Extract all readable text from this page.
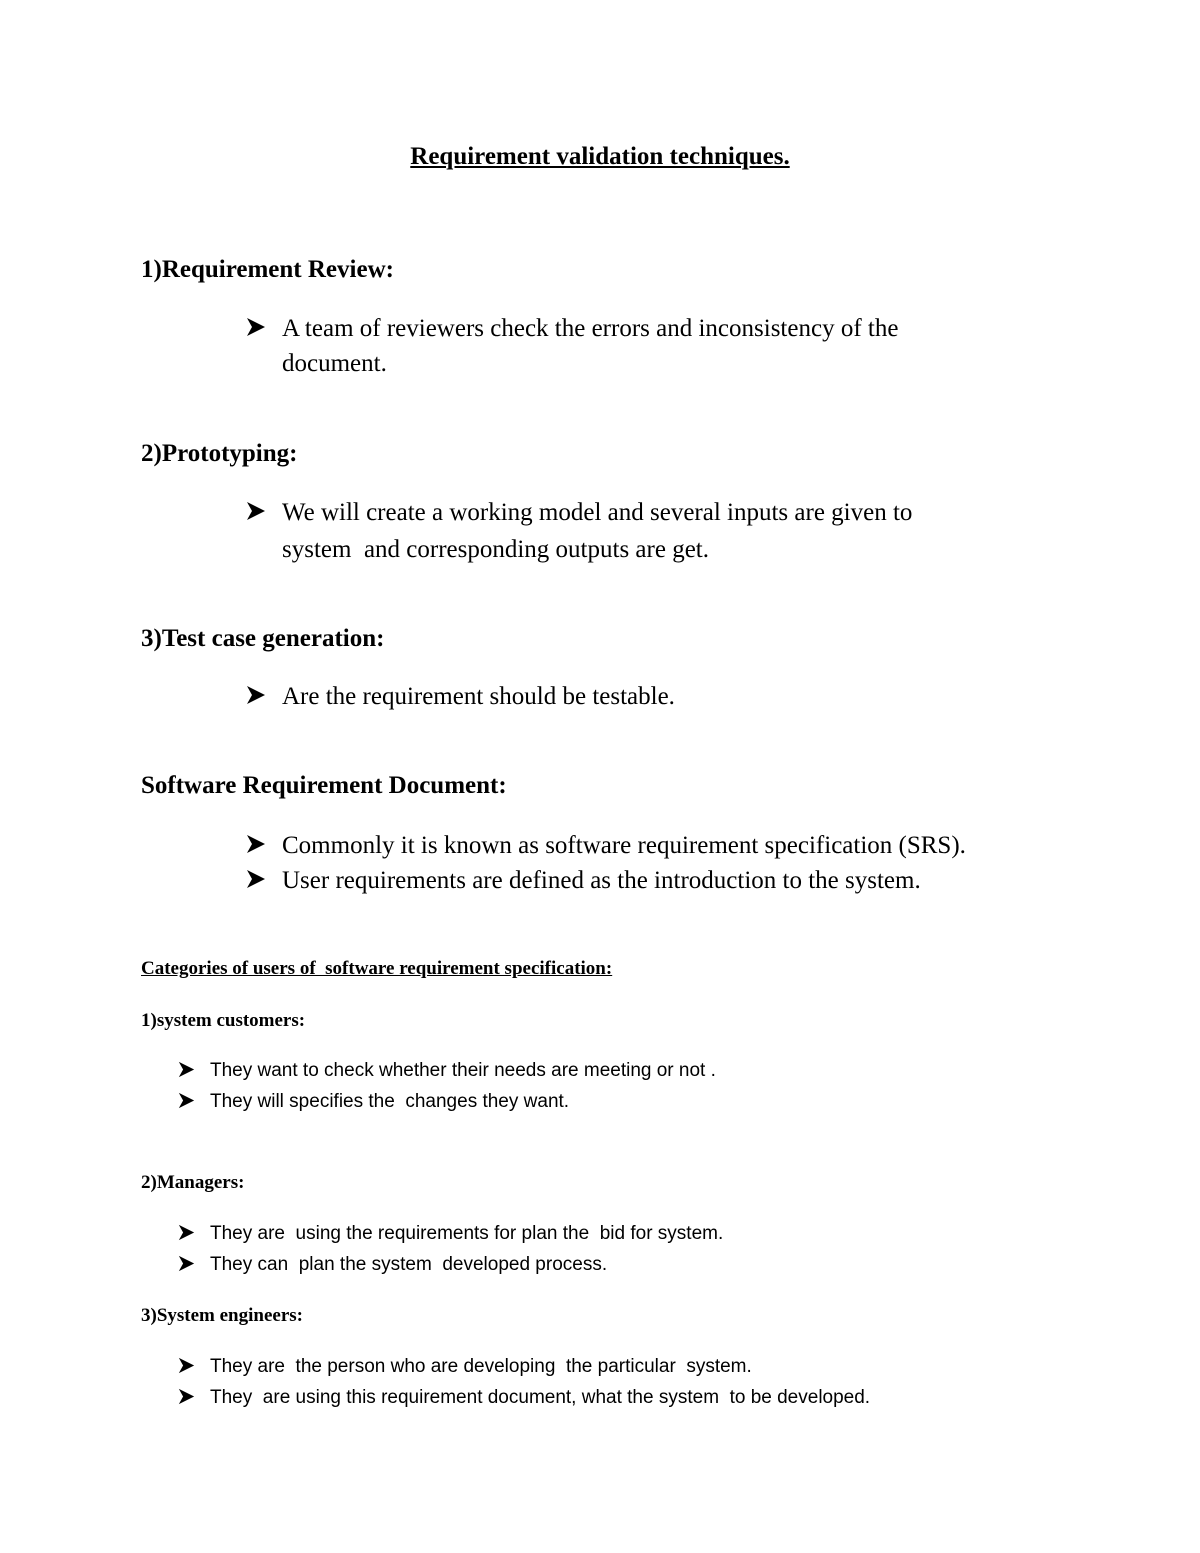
Requirement validation techniques.
1)Requirement Review:
A team of reviewers check the errors and inconsistency of the
document.
2)Prototyping:
We will create a working model and several inputs are given to
system  and corresponding outputs are get.
3)Test case generation:
Are the requirement should be testable.
Software Requirement Document:
Commonly it is known as software requirement specification (SRS).
User requirements are defined as the introduction to the system.
Categories of users of  software requirement specification:
1)system customers:
They want to check whether their needs are meeting or not .
They will specifies the  changes they want.
2)Managers:
They are  using the requirements for plan the  bid for system.
They can  plan the system  developed process.
3)System engineers:
They are  the person who are developing  the particular  system.
They  are using this requirement document, what the system  to be developed.
